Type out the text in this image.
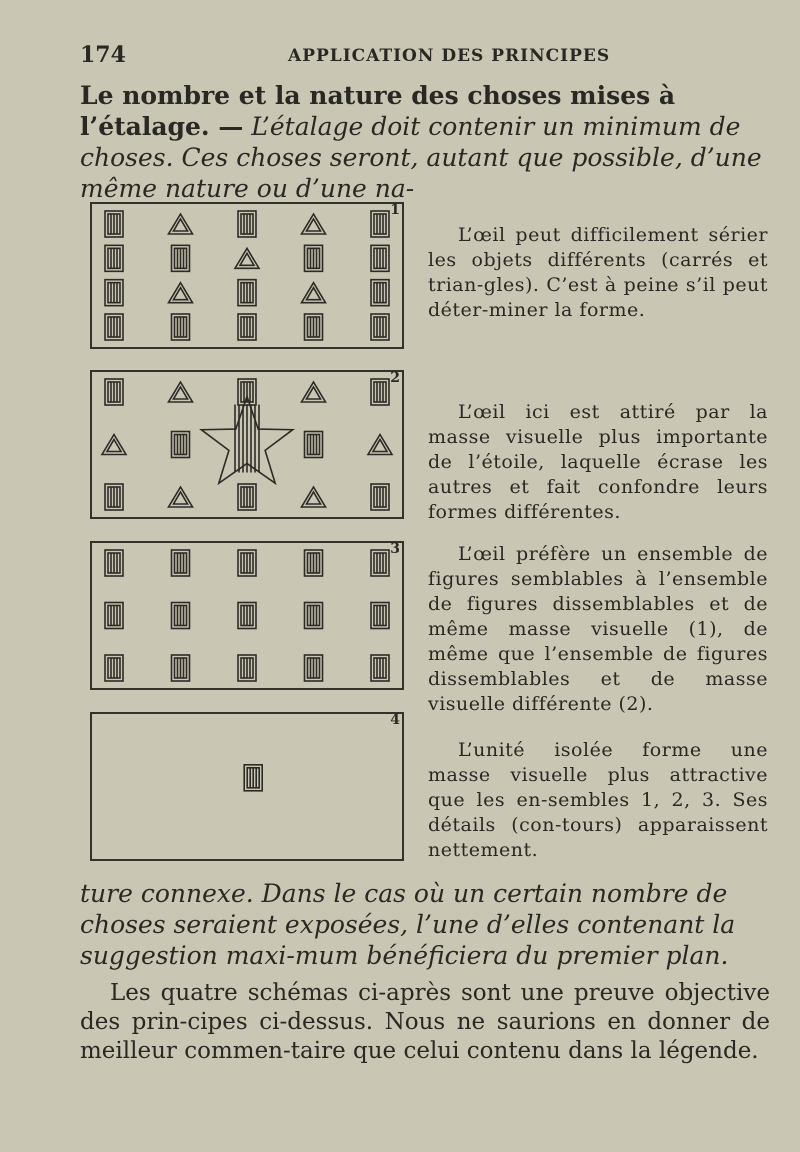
174	APPLICATION DES PRINCIPES

Le nombre et la nature des choses mises à l’étalage. — L’étalage doit contenir un minimum de choses. Ces choses seront, autant que possible, d’une même nature ou d’une na-

1

L’œil peut difficilement sérier les objets différents (carrés et trian-gles). C’est à peine s’il peut déter-miner la forme.

2

L’œil ici est attiré par la masse visuelle plus importante de l’étoile, laquelle écrase les autres et fait confondre leurs formes différentes.

3	L’œil préfère un ensemble de figures semblables à l’ensemble de figures dissemblables et de même masse visuelle (1), de même que l’ensemble de figures dissemblables et de masse visuelle différente (2).

4

L’unité isolée forme une masse visuelle plus attractive que les en-sembles 1, 2, 3. Ses détails (con-tours) apparaissent nettement.

ture connexe. Dans le cas où un certain nombre de choses seraient exposées, l’une d’elles contenant la suggestion maxi-mum bénéficiera du premier plan.

Les quatre schémas ci-après sont une preuve objective des prin-cipes ci-dessus. Nous ne saurions en donner de meilleur commen-taire que celui contenu dans la légende.
